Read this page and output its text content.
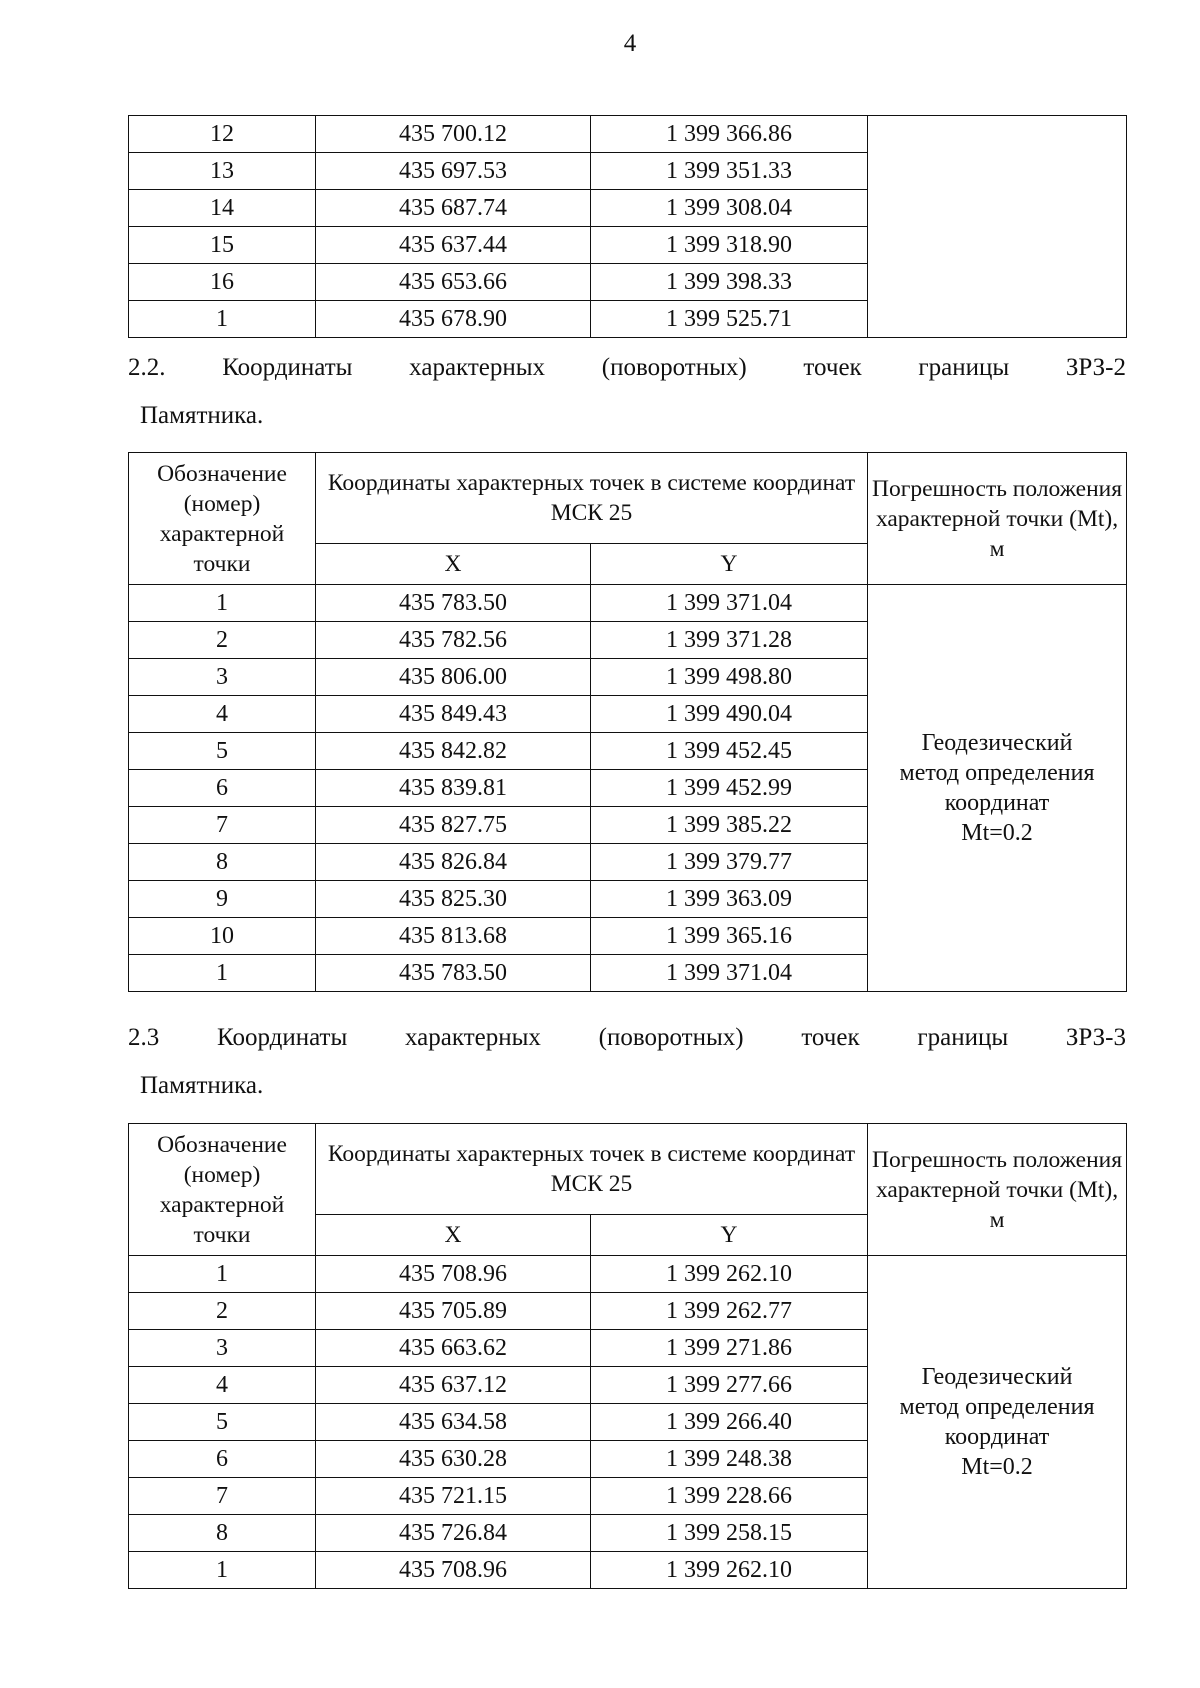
4
12	435 700.12	1 399 366.86	
13	435 697.53	1 399 351.33	
14	435 687.74	1 399 308.04	
15	435 637.44	1 399 318.90	
16	435 653.66	1 399 398.33	
1	435 678.90	1 399 525.71	
2.2. Координаты характерных (поворотных) точек границы ЗРЗ-2
Памятника.
Обозначение (номер) характерной точки	Координаты характерных точек в системе координат МСК 25		Погрешность положения характерной точки (Mt), м
	X	Y	
1	435 783.50	1 399 371.04	Геодезический
метод определения
координат
Mt=0.2
2	435 782.56	1 399 371.28	
3	435 806.00	1 399 498.80	
4	435 849.43	1 399 490.04	
5	435 842.82	1 399 452.45	
6	435 839.81	1 399 452.99	
7	435 827.75	1 399 385.22	
8	435 826.84	1 399 379.77	
9	435 825.30	1 399 363.09	
10	435 813.68	1 399 365.16	
1	435 783.50	1 399 371.04	
2.3 Координаты характерных (поворотных) точек границы ЗРЗ-3
Памятника.
Обозначение (номер) характерной точки	Координаты характерных точек в системе координат МСК 25		Погрешность положения характерной точки (Mt), м
	X	Y	
1	435 708.96	1 399 262.10	Геодезический
метод определения
координат
Mt=0.2
2	435 705.89	1 399 262.77	
3	435 663.62	1 399 271.86	
4	435 637.12	1 399 277.66	
5	435 634.58	1 399 266.40	
6	435 630.28	1 399 248.38	
7	435 721.15	1 399 228.66	
8	435 726.84	1 399 258.15	
1	435 708.96	1 399 262.10	
